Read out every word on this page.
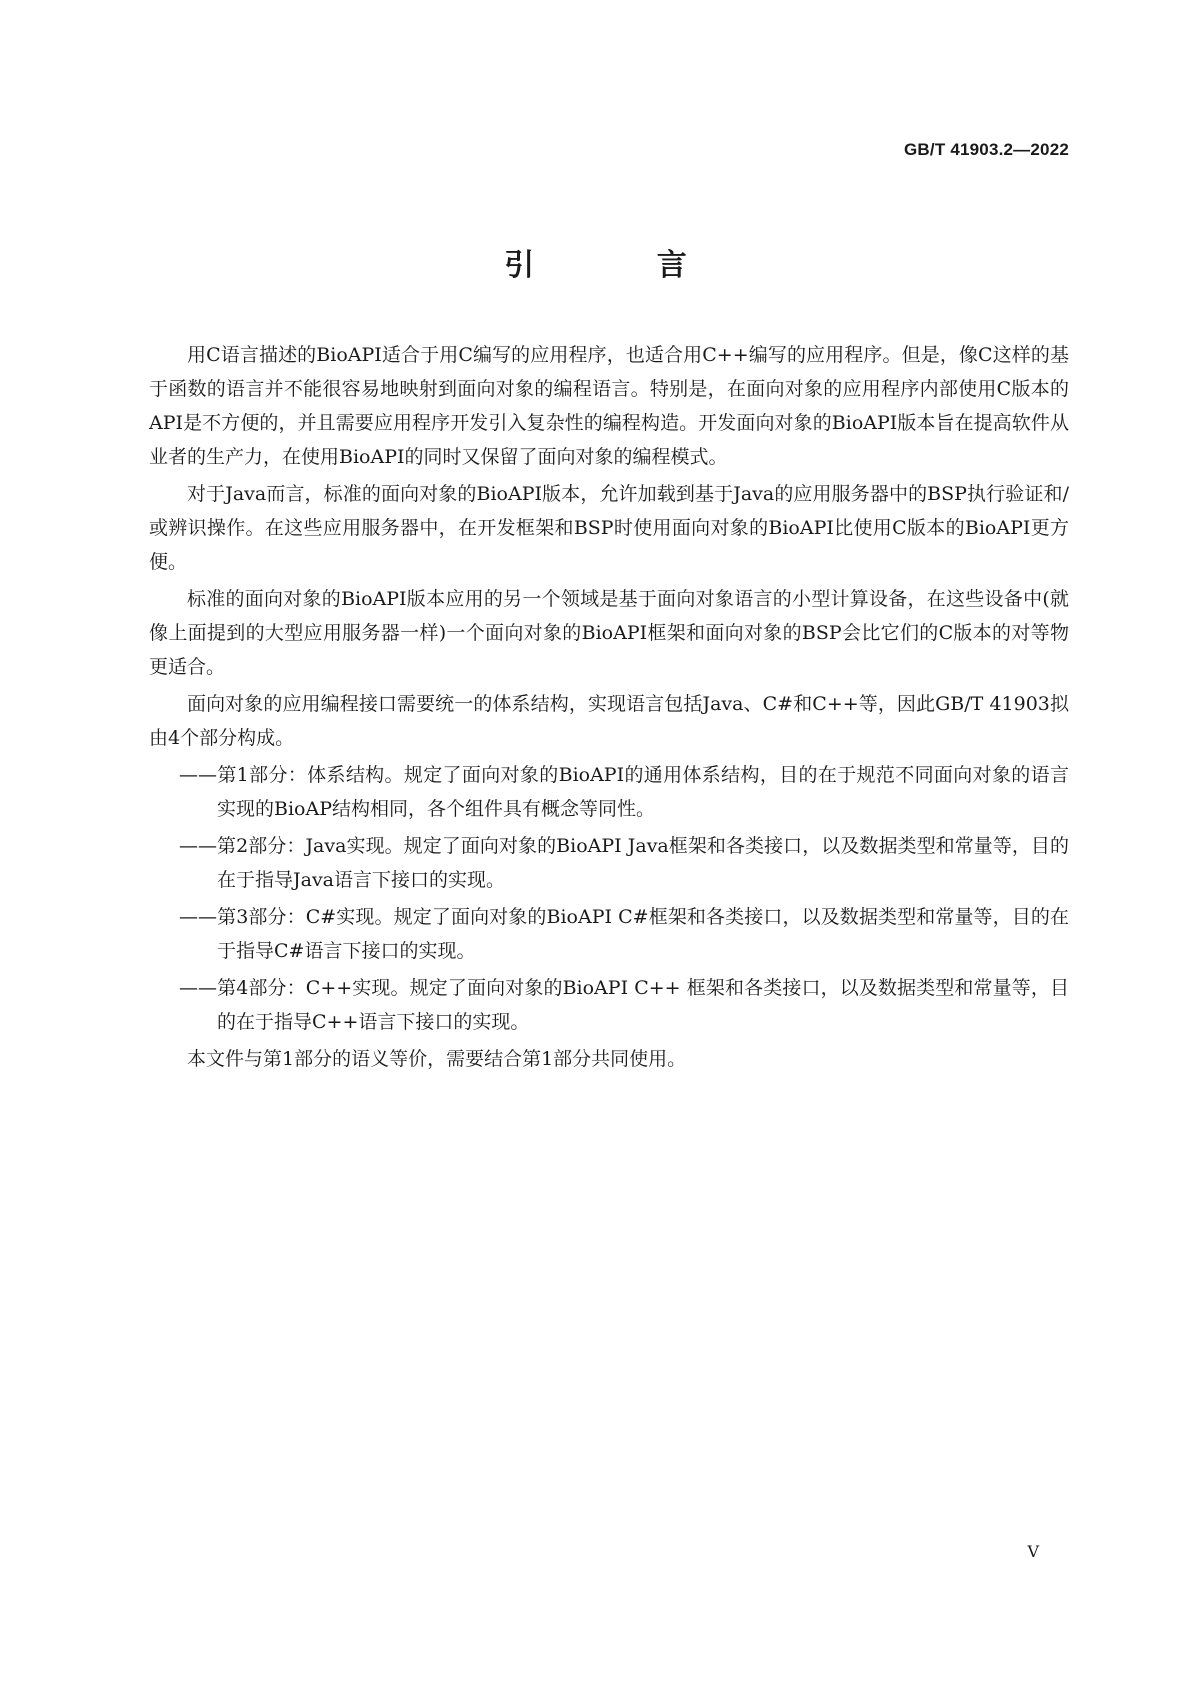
GB/T 41903.2—2022
引 言

用C语言描述的BioAPI适合于用C编写的应用程序，也适合用C++编写的应用程序。但是，像C这样的基于函数的语言并不能很容易地映射到面向对象的编程语言。特别是，在面向对象的应用程序内部使用C版本的API是不方便的，并且需要应用程序开发引入复杂性的编程构造。开发面向对象的BioAPI版本旨在提高软件从业者的生产力，在使用BioAPI的同时又保留了面向对象的编程模式。

对于Java而言，标准的面向对象的BioAPI版本，允许加载到基于Java的应用服务器中的BSP执行验证和/或辨识操作。在这些应用服务器中，在开发框架和BSP时使用面向对象的BioAPI比使用C版本的BioAPI更方便。

标准的面向对象的BioAPI版本应用的另一个领域是基于面向对象语言的小型计算设备，在这些设备中(就像上面提到的大型应用服务器一样)一个面向对象的BioAPI框架和面向对象的BSP会比它们的C版本的对等物更适合。

面向对象的应用编程接口需要统一的体系结构，实现语言包括Java、C#和C++等，因此GB/T 41903拟由4个部分构成。

——第1部分：体系结构。规定了面向对象的BioAPI的通用体系结构，目的在于规范不同面向对象的语言实现的BioAP结构相同，各个组件具有概念等同性。
——第2部分：Java实现。规定了面向对象的BioAPI Java框架和各类接口，以及数据类型和常量等，目的在于指导Java语言下接口的实现。
——第3部分：C#实现。规定了面向对象的BioAPI C#框架和各类接口，以及数据类型和常量等，目的在于指导C#语言下接口的实现。
——第4部分：C++实现。规定了面向对象的BioAPI C++ 框架和各类接口，以及数据类型和常量等，目的在于指导C++语言下接口的实现。

本文件与第1部分的语义等价，需要结合第1部分共同使用。

V
